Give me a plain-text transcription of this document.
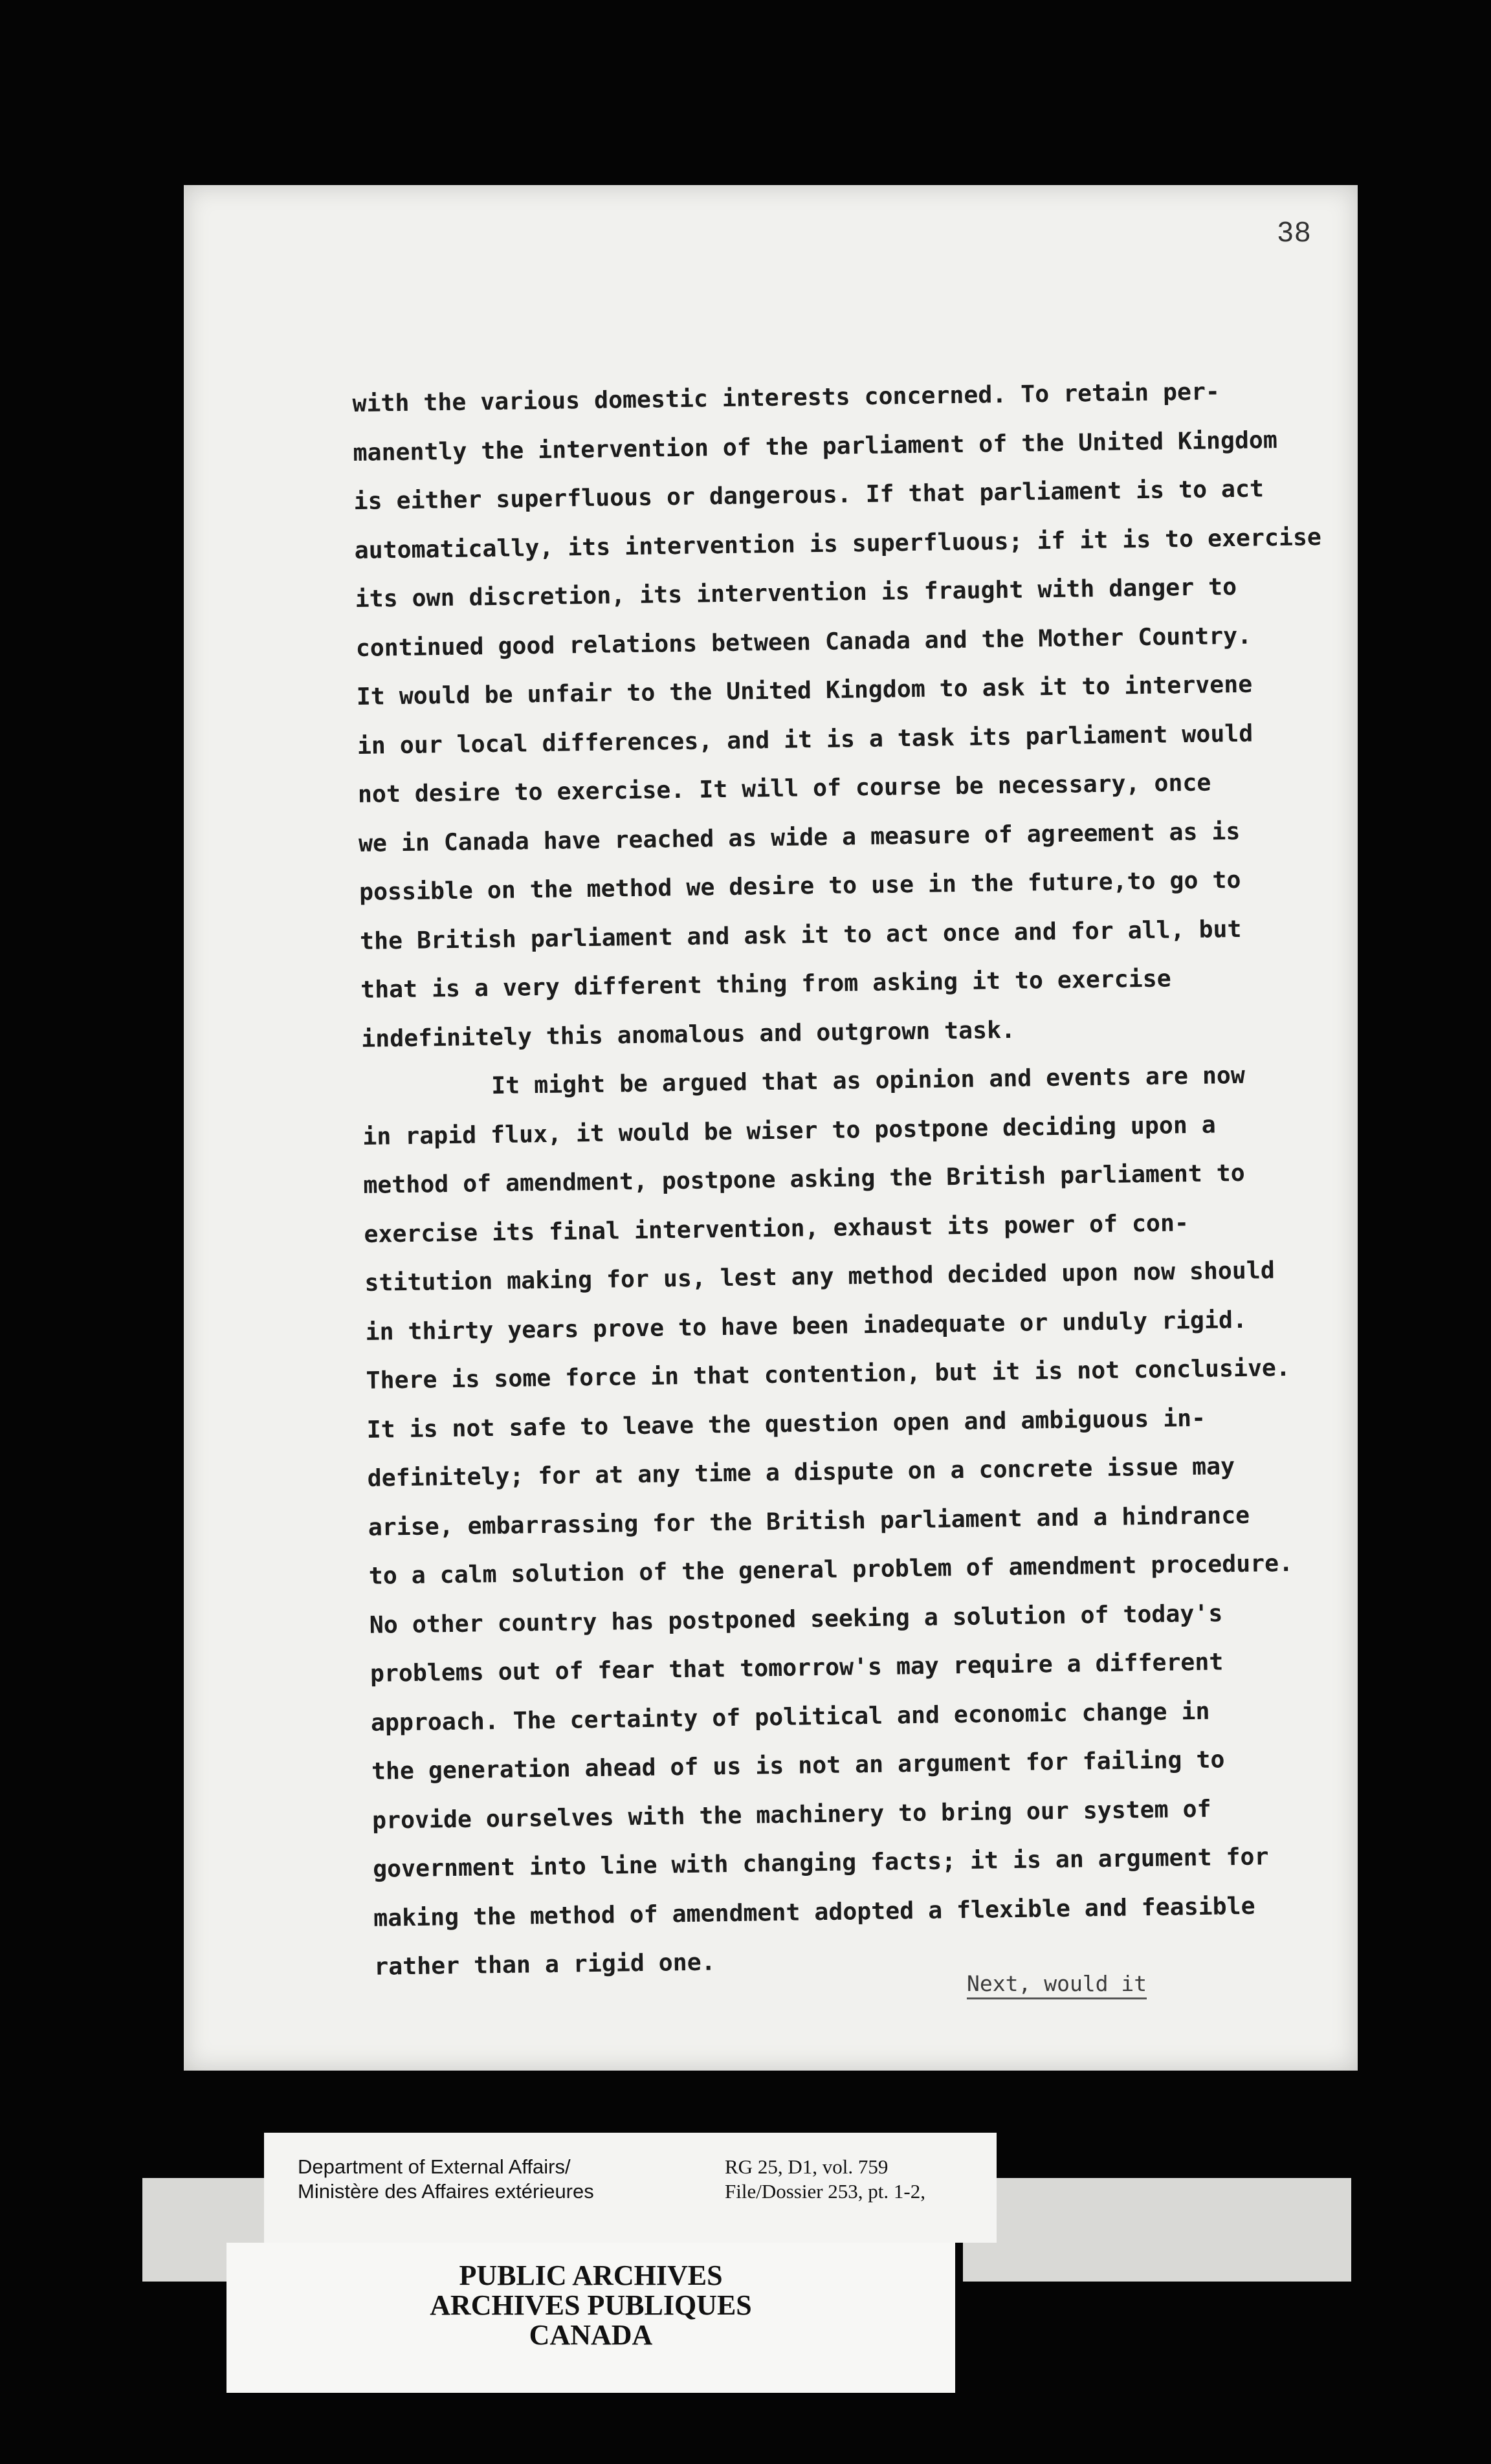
38
with the various domestic interests concerned. To retain per-
manently the intervention of the parliament of the United Kingdom
is either superfluous or dangerous. If that parliament is to act
automatically, its intervention is superfluous; if it is to exercise
its own discretion, its intervention is fraught with danger to
continued good relations between Canada and the Mother Country.
It would be unfair to the United Kingdom to ask it to intervene
in our local differences, and it is a task its parliament would
not desire to exercise. It will of course be necessary, once
we in Canada have reached as wide a measure of agreement as is
possible on the method we desire to use in the future,to go to
the British parliament and ask it to act once and for all, but
that is a very different thing from asking it to exercise
indefinitely this anomalous and outgrown task.
It might be argued that as opinion and events are now
in rapid flux, it would be wiser to postpone deciding upon a
method of amendment, postpone asking the British parliament to
exercise its final intervention, exhaust its power of con-
stitution making for us, lest any method decided upon now should
in thirty years prove to have been inadequate or unduly rigid.
There is some force in that contention, but it is not conclusive.
It is not safe to leave the question open and ambiguous in-
definitely; for at any time a dispute on a concrete issue may
arise, embarrassing for the British parliament and a hindrance
to a calm solution of the general problem of amendment procedure.
No other country has postponed seeking a solution of today's
problems out of fear that tomorrow's may require a different
approach. The certainty of political and economic change in
the generation ahead of us is not an argument for failing to
provide ourselves with the machinery to bring our system of
government into line with changing facts; it is an argument for
making the method of amendment adopted a flexible and feasible
rather than a rigid one.
Next, would it
Department of External Affairs/
Ministère des Affaires extérieures
RG 25, D1, vol. 759
File/Dossier 253, pt. 1-2,
PUBLIC ARCHIVES
ARCHIVES PUBLIQUES
CANADA
